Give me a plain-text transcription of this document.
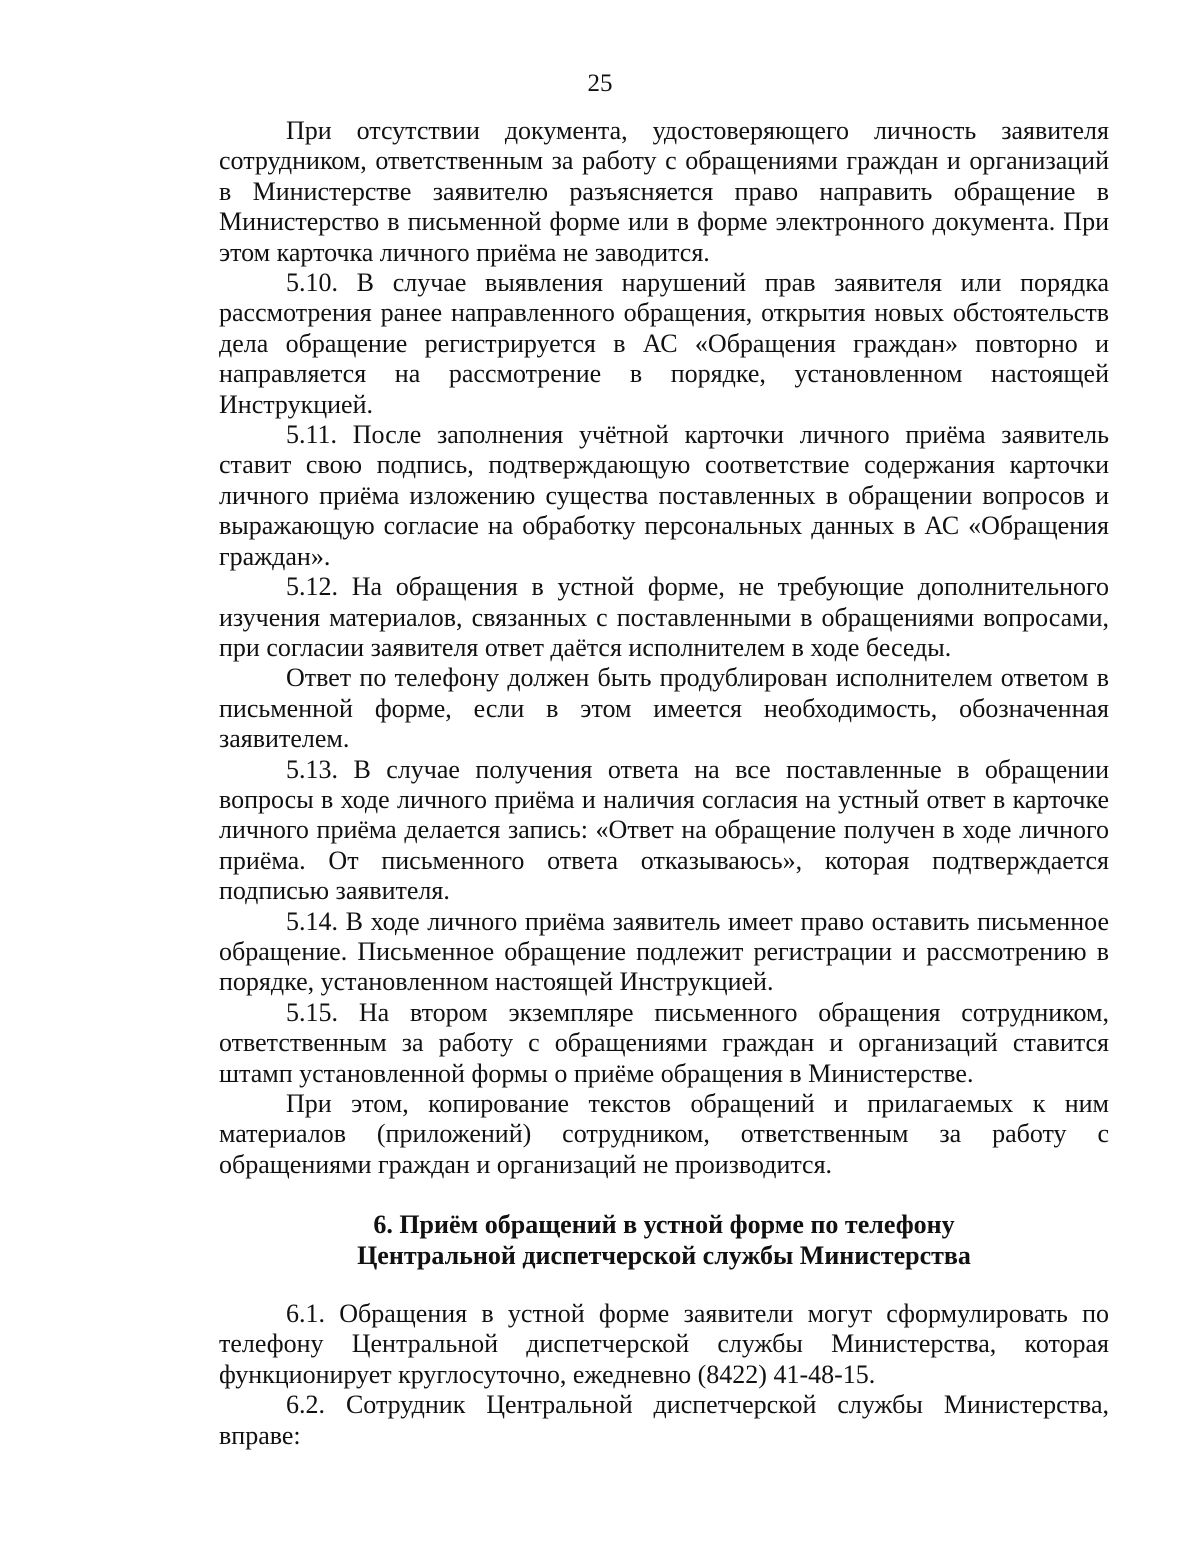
25

При отсутствии документа, удостоверяющего личность заявителя сотрудником, ответственным за работу с обращениями граждан и организаций в Министерстве заявителю разъясняется право направить обращение в Министерство в письменной форме или в форме электронного документа. При этом карточка личного приёма не заводится.

5.10. В случае выявления нарушений прав заявителя или порядка рассмотрения ранее направленного обращения, открытия новых обстоятельств дела обращение регистрируется в АС «Обращения граждан» повторно и направляется на рассмотрение в порядке, установленном настоящей Инструкцией.

5.11. После заполнения учётной карточки личного приёма заявитель ставит свою подпись, подтверждающую соответствие содержания карточки личного приёма изложению существа поставленных в обращении вопросов и выражающую согласие на обработку персональных данных в АС «Обращения граждан».

5.12. На обращения в устной форме, не требующие дополнительного изучения материалов, связанных с поставленными в обращениями вопросами, при согласии заявителя ответ даётся исполнителем в ходе беседы.

Ответ по телефону должен быть продублирован исполнителем ответом в письменной форме, если в этом имеется необходимость, обозначенная заявителем.

5.13. В случае получения ответа на все поставленные в обращении вопросы в ходе личного приёма и наличия согласия на устный ответ в карточке личного приёма делается запись: «Ответ на обращение получен в ходе личного приёма. От письменного ответа отказываюсь», которая подтверждается подписью заявителя.

5.14. В ходе личного приёма заявитель имеет право оставить письменное обращение. Письменное обращение подлежит регистрации и рассмотрению в порядке, установленном настоящей Инструкцией.

5.15. На втором экземпляре письменного обращения сотрудником, ответственным за работу с обращениями граждан и организаций ставится штамп установленной формы о приёме обращения в Министерстве.

При этом, копирование текстов обращений и прилагаемых к ним материалов (приложений) сотрудником, ответственным за работу с обращениями граждан и организаций не производится.

6. Приём обращений в устной форме по телефону
Центральной диспетчерской службы Министерства

6.1. Обращения в устной форме заявители могут сформулировать по телефону Центральной диспетчерской службы Министерства, которая функционирует круглосуточно, ежедневно (8422) 41-48-15.

6.2. Сотрудник Центральной диспетчерской службы Министерства, вправе:
